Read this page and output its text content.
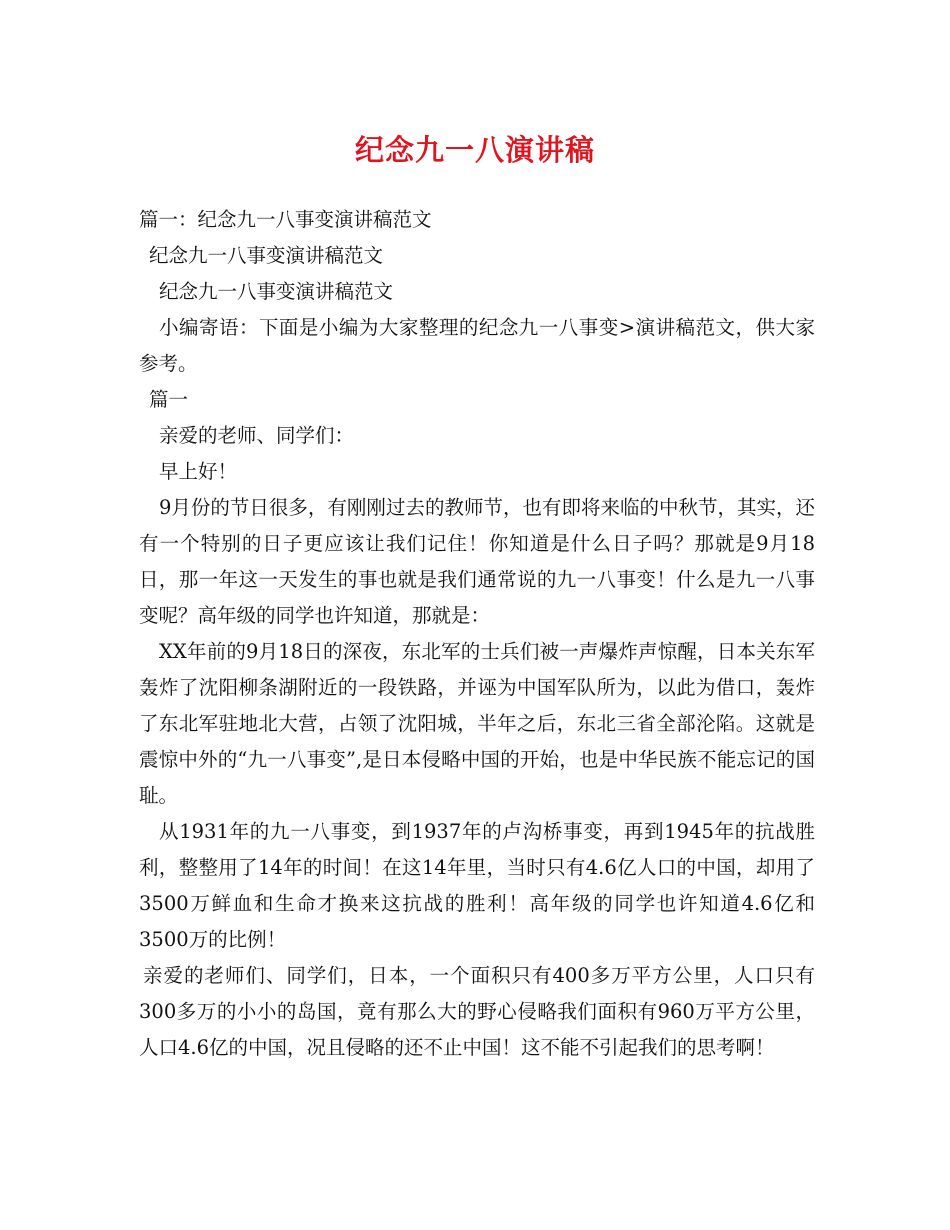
纪念九一八演讲稿
篇一：纪念九一八事变演讲稿范文
纪念九一八事变演讲稿范文
纪念九一八事变演讲稿范文
小编寄语：下面是小编为大家整理的纪念九一八事变>演讲稿范文，供大家参考。
篇一
亲爱的老师、同学们：
早上好！
9月份的节日很多，有刚刚过去的教师节，也有即将来临的中秋节，其实，还有一个特别的日子更应该让我们记住！你知道是什么日子吗？那就是9月18日，那一年这一天发生的事也就是我们通常说的九一八事变！什么是九一八事变呢？高年级的同学也许知道，那就是：
XX年前的9月18日的深夜，东北军的士兵们被一声爆炸声惊醒，日本关东军轰炸了沈阳柳条湖附近的一段铁路，并诬为中国军队所为，以此为借口，轰炸了东北军驻地北大营，占领了沈阳城，半年之后，东北三省全部沦陷。这就是震惊中外的“九一八事变”,是日本侵略中国的开始，也是中华民族不能忘记的国耻。
从1931年的九一八事变，到1937年的卢沟桥事变，再到1945年的抗战胜利，整整用了14年的时间！在这14年里，当时只有4.6亿人口的中国，却用了3500万鲜血和生命才换来这抗战的胜利！高年级的同学也许知道4.6亿和3500万的比例！
亲爱的老师们、同学们，日本，一个面积只有400多万平方公里，人口只有300多万的小小的岛国，竟有那么大的野心侵略我们面积有960万平方公里，人口4.6亿的中国，况且侵略的还不止中国！这不能不引起我们的思考啊！
